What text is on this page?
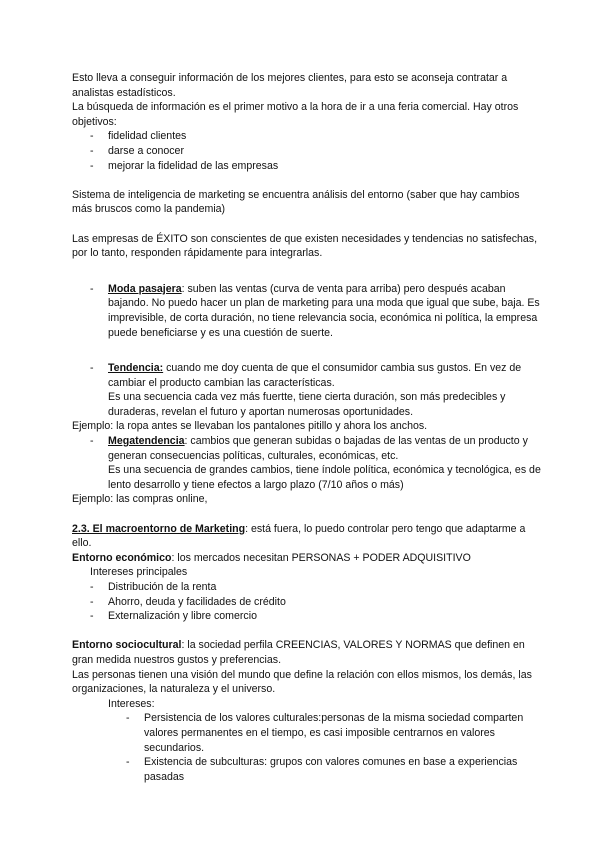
Esto lleva a conseguir información de los mejores clientes, para esto se aconseja contratar a analistas estadísticos.

La búsqueda de información es el primer motivo a la hora de ir a una feria comercial. Hay otros objetivos:

- fidelidad clientes
- darse a conocer
- mejorar la fidelidad de las empresas

Sistema de inteligencia de marketing se encuentra análisis del entorno (saber que hay cambios más bruscos como la pandemia)

Las empresas de ÉXITO son conscientes de que existen necesidades y tendencias no satisfechas, por lo tanto, responden rápidamente para integrarlas.

- Moda pasajera: suben las ventas (curva de venta para arriba) pero después acaban bajando. No puedo hacer un plan de marketing para una moda que igual que sube, baja. Es imprevisible, de corta duración, no tiene relevancia socia, económica ni política, la empresa puede beneficiarse y es una cuestión de suerte.
- Tendencia: cuando me doy cuenta de que el consumidor cambia sus gustos. En vez de cambiar el producto cambian las características.

Es una secuencia cada vez más fuertte, tiene cierta duración, son más predecibles y duraderas, revelan el futuro y aportan numerosas oportunidades.

Ejemplo: la ropa antes se llevaban los pantalones pitillo y ahora los anchos.

- Megatendencia: cambios que generan subidas o bajadas de las ventas de un producto y generan consecuencias políticas, culturales, económicas, etc.

Es una secuencia de grandes cambios, tiene índole política, económica y tecnológica, es de lento desarrollo y tiene efectos a largo plazo (7/10 años o más)

Ejemplo: las compras online,

2.3. El macroentorno de Marketing: está fuera, lo puedo controlar pero tengo que adaptarme a ello.

Entorno económico: los mercados necesitan PERSONAS + PODER ADQUISITIVO

Intereses principales

- Distribución de la renta
- Ahorro, deuda y facilidades de crédito
- Externalización y libre comercio

Entorno sociocultural: la sociedad perfila CREENCIAS, VALORES Y NORMAS que definen en gran medida nuestros gustos y preferencias.

Las personas tienen una visión del mundo que define la relación con ellos mismos, los demás, las organizaciones, la naturaleza y el universo.

Intereses:

- Persistencia de los valores culturales:personas de la misma sociedad comparten valores permanentes en el tiempo, es casi imposible centrarnos en valores secundarios.
- Existencia de subculturas: grupos con valores comunes en base a experiencias pasadas
